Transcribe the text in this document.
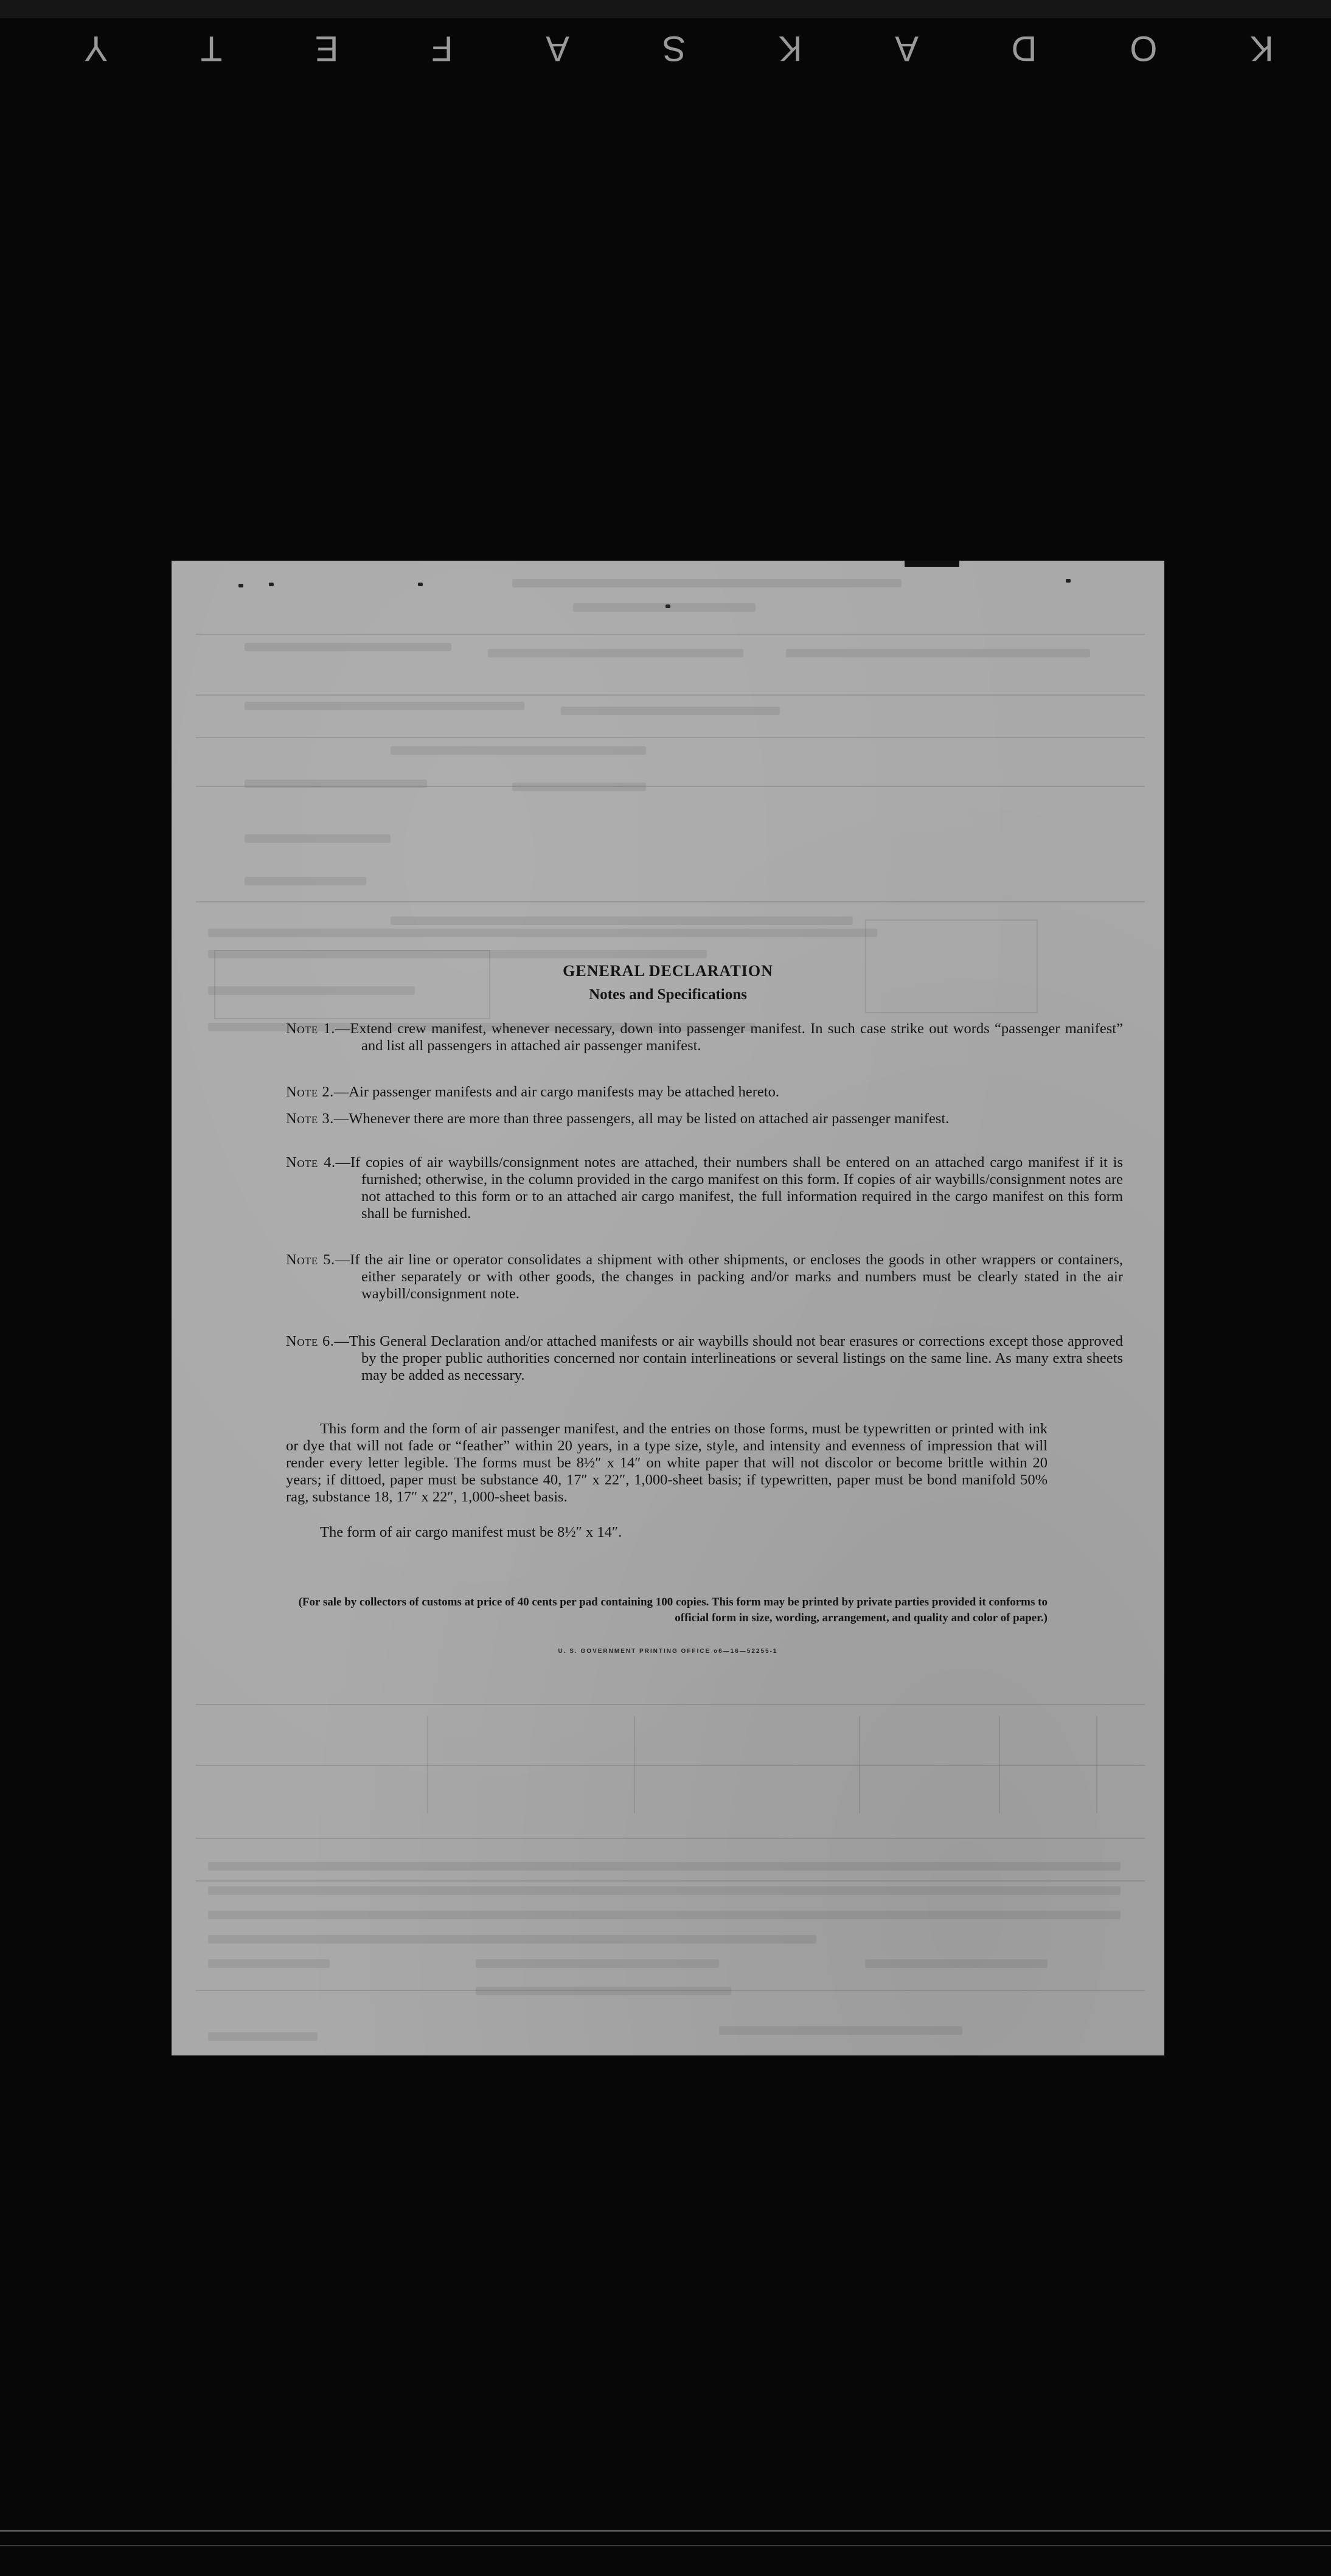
K
O
D
A
K
S
A
F
E
T
Y
GENERAL DECLARATION
Notes and Specifications
Note 1.—Extend crew manifest, whenever necessary, down into passenger manifest. In such case strike out words “passenger manifest” and list all passengers in attached air passenger manifest.
Note 2.—Air passenger manifests and air cargo manifests may be attached hereto.
Note 3.—Whenever there are more than three passengers, all may be listed on attached air passenger manifest.
Note 4.—If copies of air waybills/consignment notes are attached, their numbers shall be entered on an attached cargo manifest if it is furnished; otherwise, in the column provided in the cargo manifest on this form. If copies of air waybills/consignment notes are not attached to this form or to an attached air cargo manifest, the full information required in the cargo manifest on this form shall be furnished.
Note 5.—If the air line or operator consolidates a shipment with other shipments, or encloses the goods in other wrappers or containers, either separately or with other goods, the changes in packing and/or marks and numbers must be clearly stated in the air waybill/consignment note.
Note 6.—This General Declaration and/or attached manifests or air waybills should not bear erasures or corrections except those approved by the proper public authorities concerned nor contain interlineations or several listings on the same line. As many extra sheets may be added as necessary.
This form and the form of air passenger manifest, and the entries on those forms, must be typewritten or printed with ink or dye that will not fade or “feather” within 20 years, in a type size, style, and intensity and evenness of impression that will render every letter legible. The forms must be 8½″ x 14″ on white paper that will not discolor or become brittle within 20 years; if dittoed, paper must be substance 40, 17″ x 22″, 1,000-sheet basis; if typewritten, paper must be bond manifold 50% rag, substance 18, 17″ x 22″, 1,000-sheet basis.
The form of air cargo manifest must be 8½″ x 14″.
(For sale by collectors of customs at price of 40 cents per pad containing 100 copies. This form may be printed by private parties provided it conforms to official form in size, wording, arrangement, and quality and color of paper.)
U. S. GOVERNMENT PRINTING OFFICE o6—16—52255-1
